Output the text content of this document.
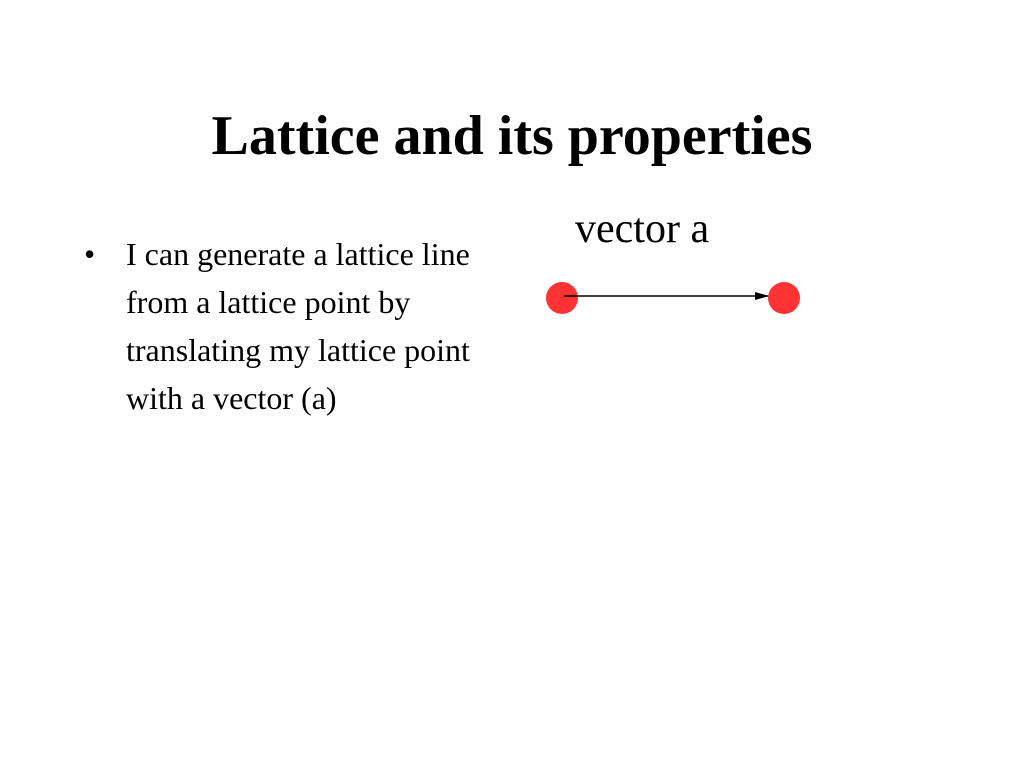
Lattice and its properties
• I can generate a lattice line from a lattice point by translating my lattice point with a vector (a)
vector a
